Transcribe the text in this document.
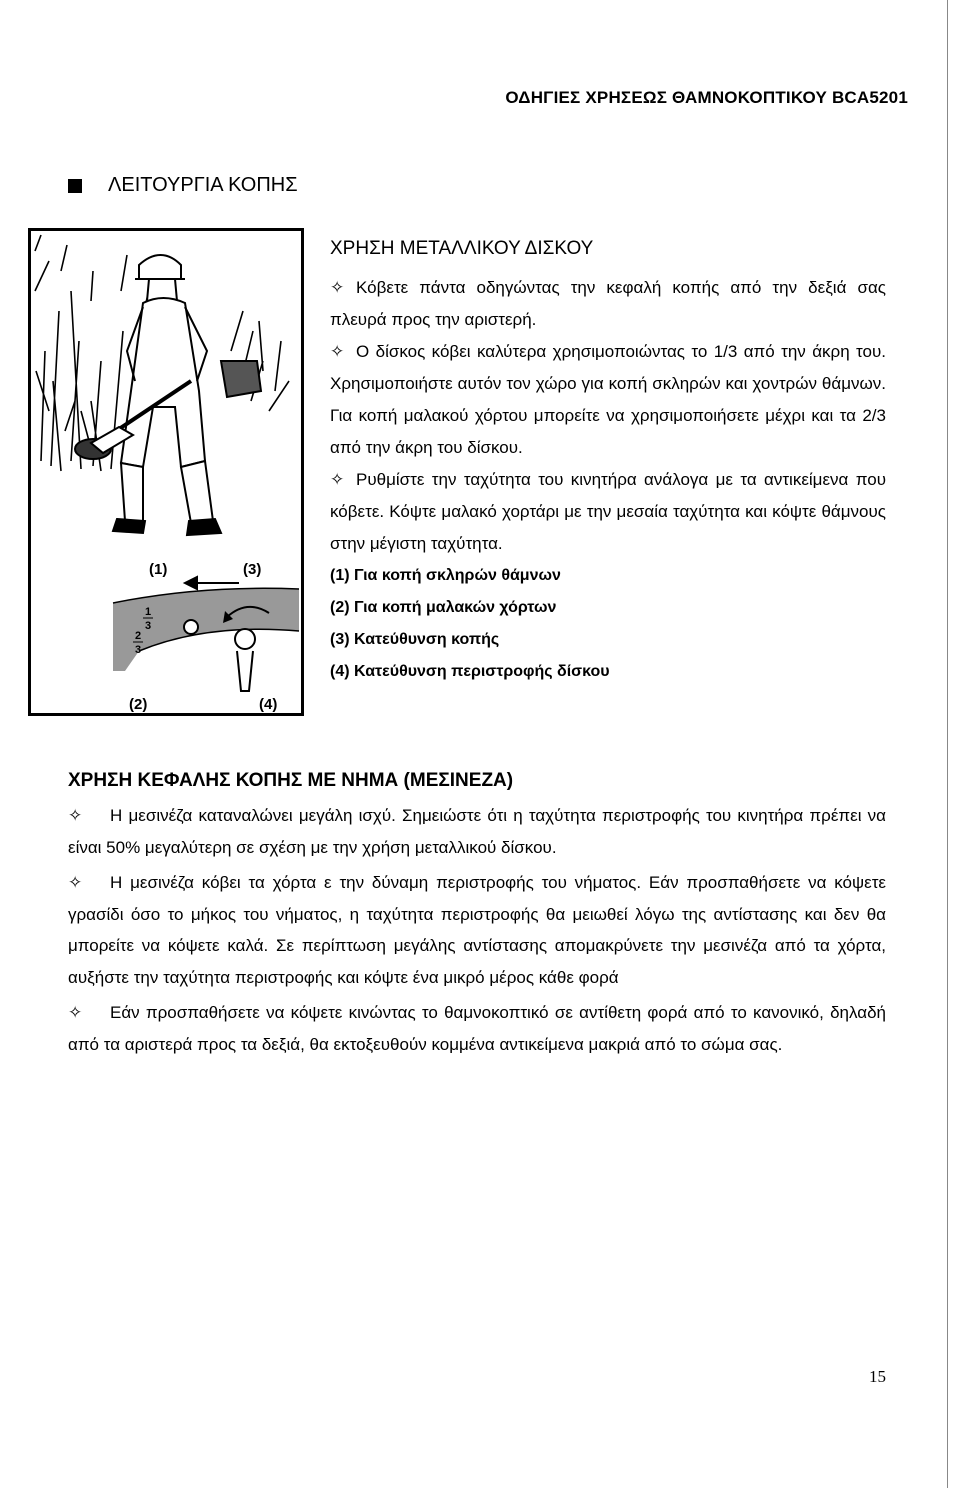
ΟΔΗΓΙΕΣ ΧΡΗΣΕΩΣ ΘΑΜΝΟΚΟΠΤΙΚΟΥ BCA5201
ΛΕΙΤΟΥΡΓΙΑ ΚΟΠΗΣ
(1)	(3)
(2)	(4)
1
3
2
3
ΧΡΗΣΗ ΜΕΤΑΛΛΙΚΟΥ ΔΙΣΚΟΥ
✧ Κόβετε πάντα οδηγώντας την κεφαλή κοπής από την δεξιά σας πλευρά προς την αριστερή.
✧ Ο δίσκος κόβει καλύτερα χρησιμοποιώντας το 1/3 από την άκρη του. Χρησιμοποιήστε αυτόν τον χώρο για κοπή σκληρών και χοντρών θάμνων. Για κοπή μαλακού χόρτου μπορείτε να χρησιμοποιήσετε μέχρι και τα 2/3 από την άκρη του δίσκου.
✧ Ρυθμίστε την ταχύτητα του κινητήρα ανάλογα με τα αντικείμενα που κόβετε. Κόψτε μαλακό χορτάρι με την μεσαία ταχύτητα και κόψτε θάμνους στην μέγιστη ταχύτητα.
(1) Για κοπή σκληρών θάμνων
(2) Για κοπή μαλακών χόρτων
(3) Κατεύθυνση κοπής
(4) Κατεύθυνση περιστροφής δίσκου
ΧΡΗΣΗ ΚΕΦΑΛΗΣ ΚΟΠΗΣ ΜΕ ΝΗΜΑ (ΜΕΣΙΝΕΖΑ)
✧ Η μεσινέζα καταναλώνει μεγάλη ισχύ. Σημειώστε ότι η ταχύτητα περιστροφής του κινητήρα πρέπει να είναι 50% μεγαλύτερη σε σχέση με την χρήση μεταλλικού δίσκου.
✧ Η μεσινέζα κόβει τα χόρτα ε την δύναμη περιστροφής του νήματος. Εάν προσπαθήσετε να κόψετε γρασίδι όσο το μήκος του νήματος, η ταχύτητα περιστροφής θα μειωθεί λόγω της αντίστασης και δεν θα μπορείτε να κόψετε καλά. Σε περίπτωση μεγάλης αντίστασης απομακρύνετε την μεσινέζα από τα χόρτα, αυξήστε την ταχύτητα περιστροφής και κόψτε ένα μικρό μέρος κάθε φορά
✧ Εάν προσπαθήσετε να κόψετε κινώντας το θαμνοκοπτικό σε αντίθετη φορά από το κανονικό, δηλαδή από τα αριστερά προς τα δεξιά, θα εκτοξευθούν κομμένα αντικείμενα μακριά από το σώμα σας.
15
